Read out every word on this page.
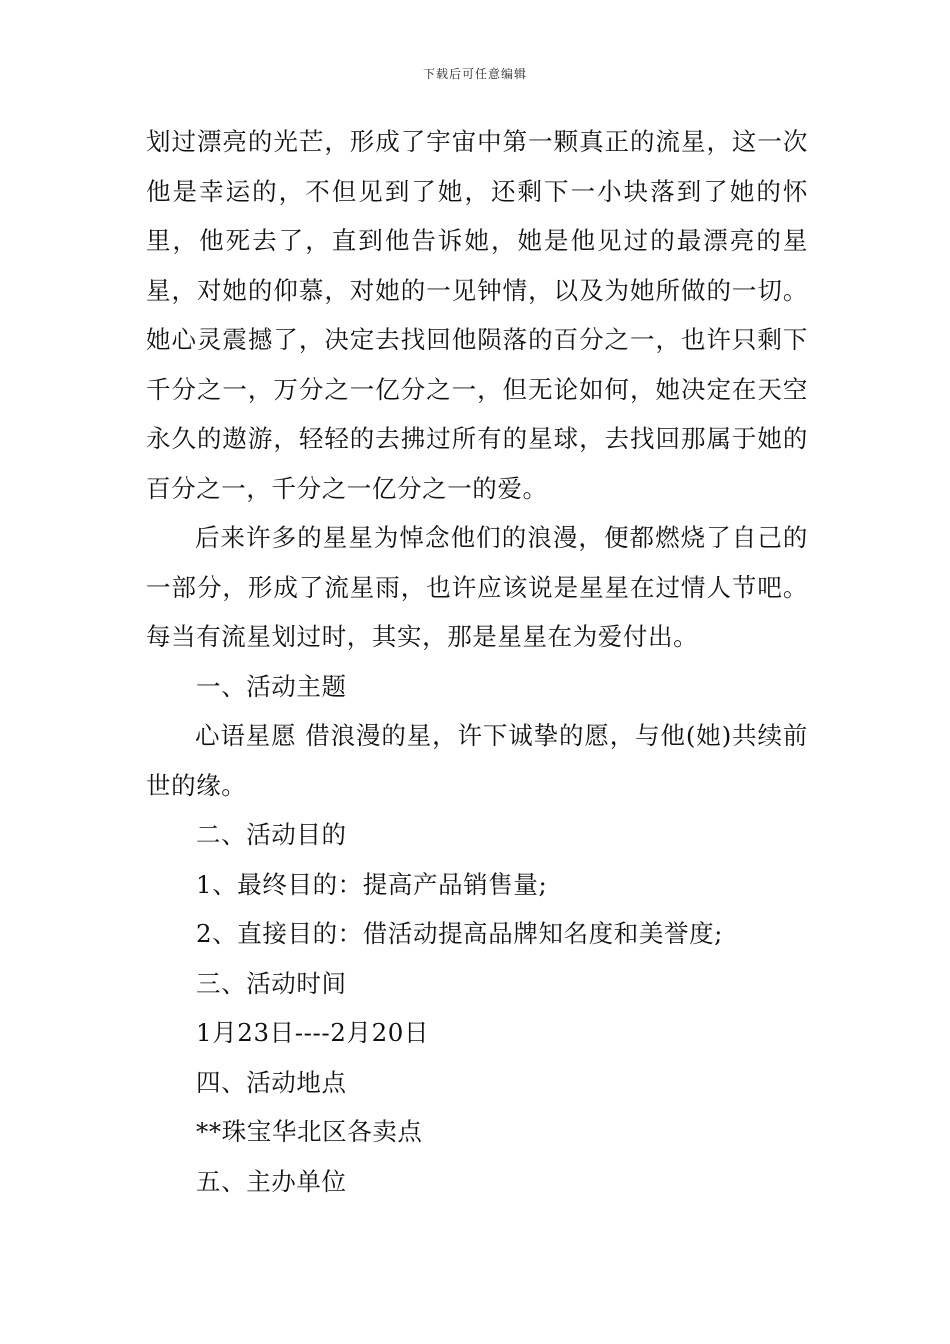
下载后可任意编辑

划过漂亮的光芒，形成了宇宙中第一颗真正的流星，这一次他是幸运的，不但见到了她，还剩下一小块落到了她的怀里，他死去了，直到他告诉她，她是他见过的最漂亮的星星，对她的仰慕，对她的一见钟情，以及为她所做的一切。她心灵震撼了，决定去找回他陨落的百分之一，也许只剩下千分之一，万分之一亿分之一，但无论如何，她决定在天空永久的遨游，轻轻的去拂过所有的星球，去找回那属于她的百分之一，千分之一亿分之一的爱。

后来许多的星星为悼念他们的浪漫，便都燃烧了自己的一部分，形成了流星雨，也许应该说是星星在过情人节吧。每当有流星划过时，其实，那是星星在为爱付出。

一、活动主题

心语星愿 借浪漫的星，许下诚挚的愿，与他(她)共续前世的缘。

二、活动目的

1、最终目的：提高产品销售量;

2、直接目的：借活动提高品牌知名度和美誉度;

三、活动时间

1月23日----2月20日

四、活动地点

**珠宝华北区各卖点

五、主办单位
